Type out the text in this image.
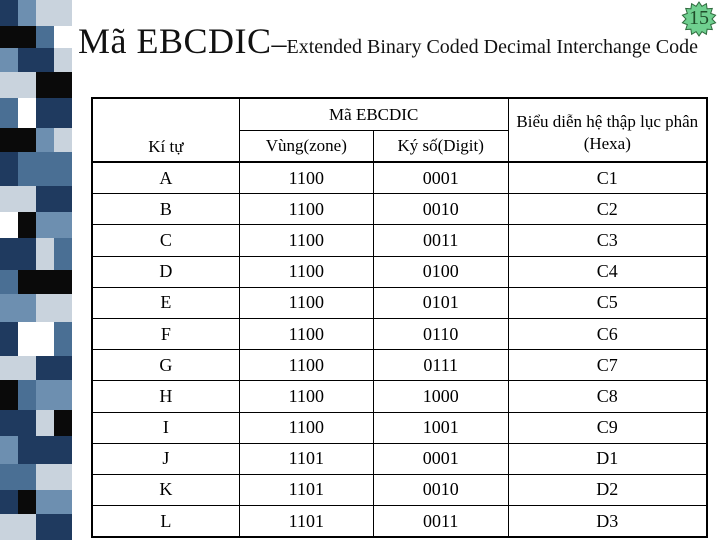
15
Mã EBCDIC–Extended Binary Coded Decimal Interchange Code
Kí tự	Mã EBCDIC		Biểu diễn hệ thập lục phân (Hexa)
	Vùng(zone)	Ký số(Digit)	
A	1100	0001	C1
B	1100	0010	C2
C	1100	0011	C3
D	1100	0100	C4
E	1100	0101	C5
F	1100	0110	C6
G	1100	0111	C7
H	1100	1000	C8
I	1100	1001	C9
J	1101	0001	D1
K	1101	0010	D2
L	1101	0011	D3
